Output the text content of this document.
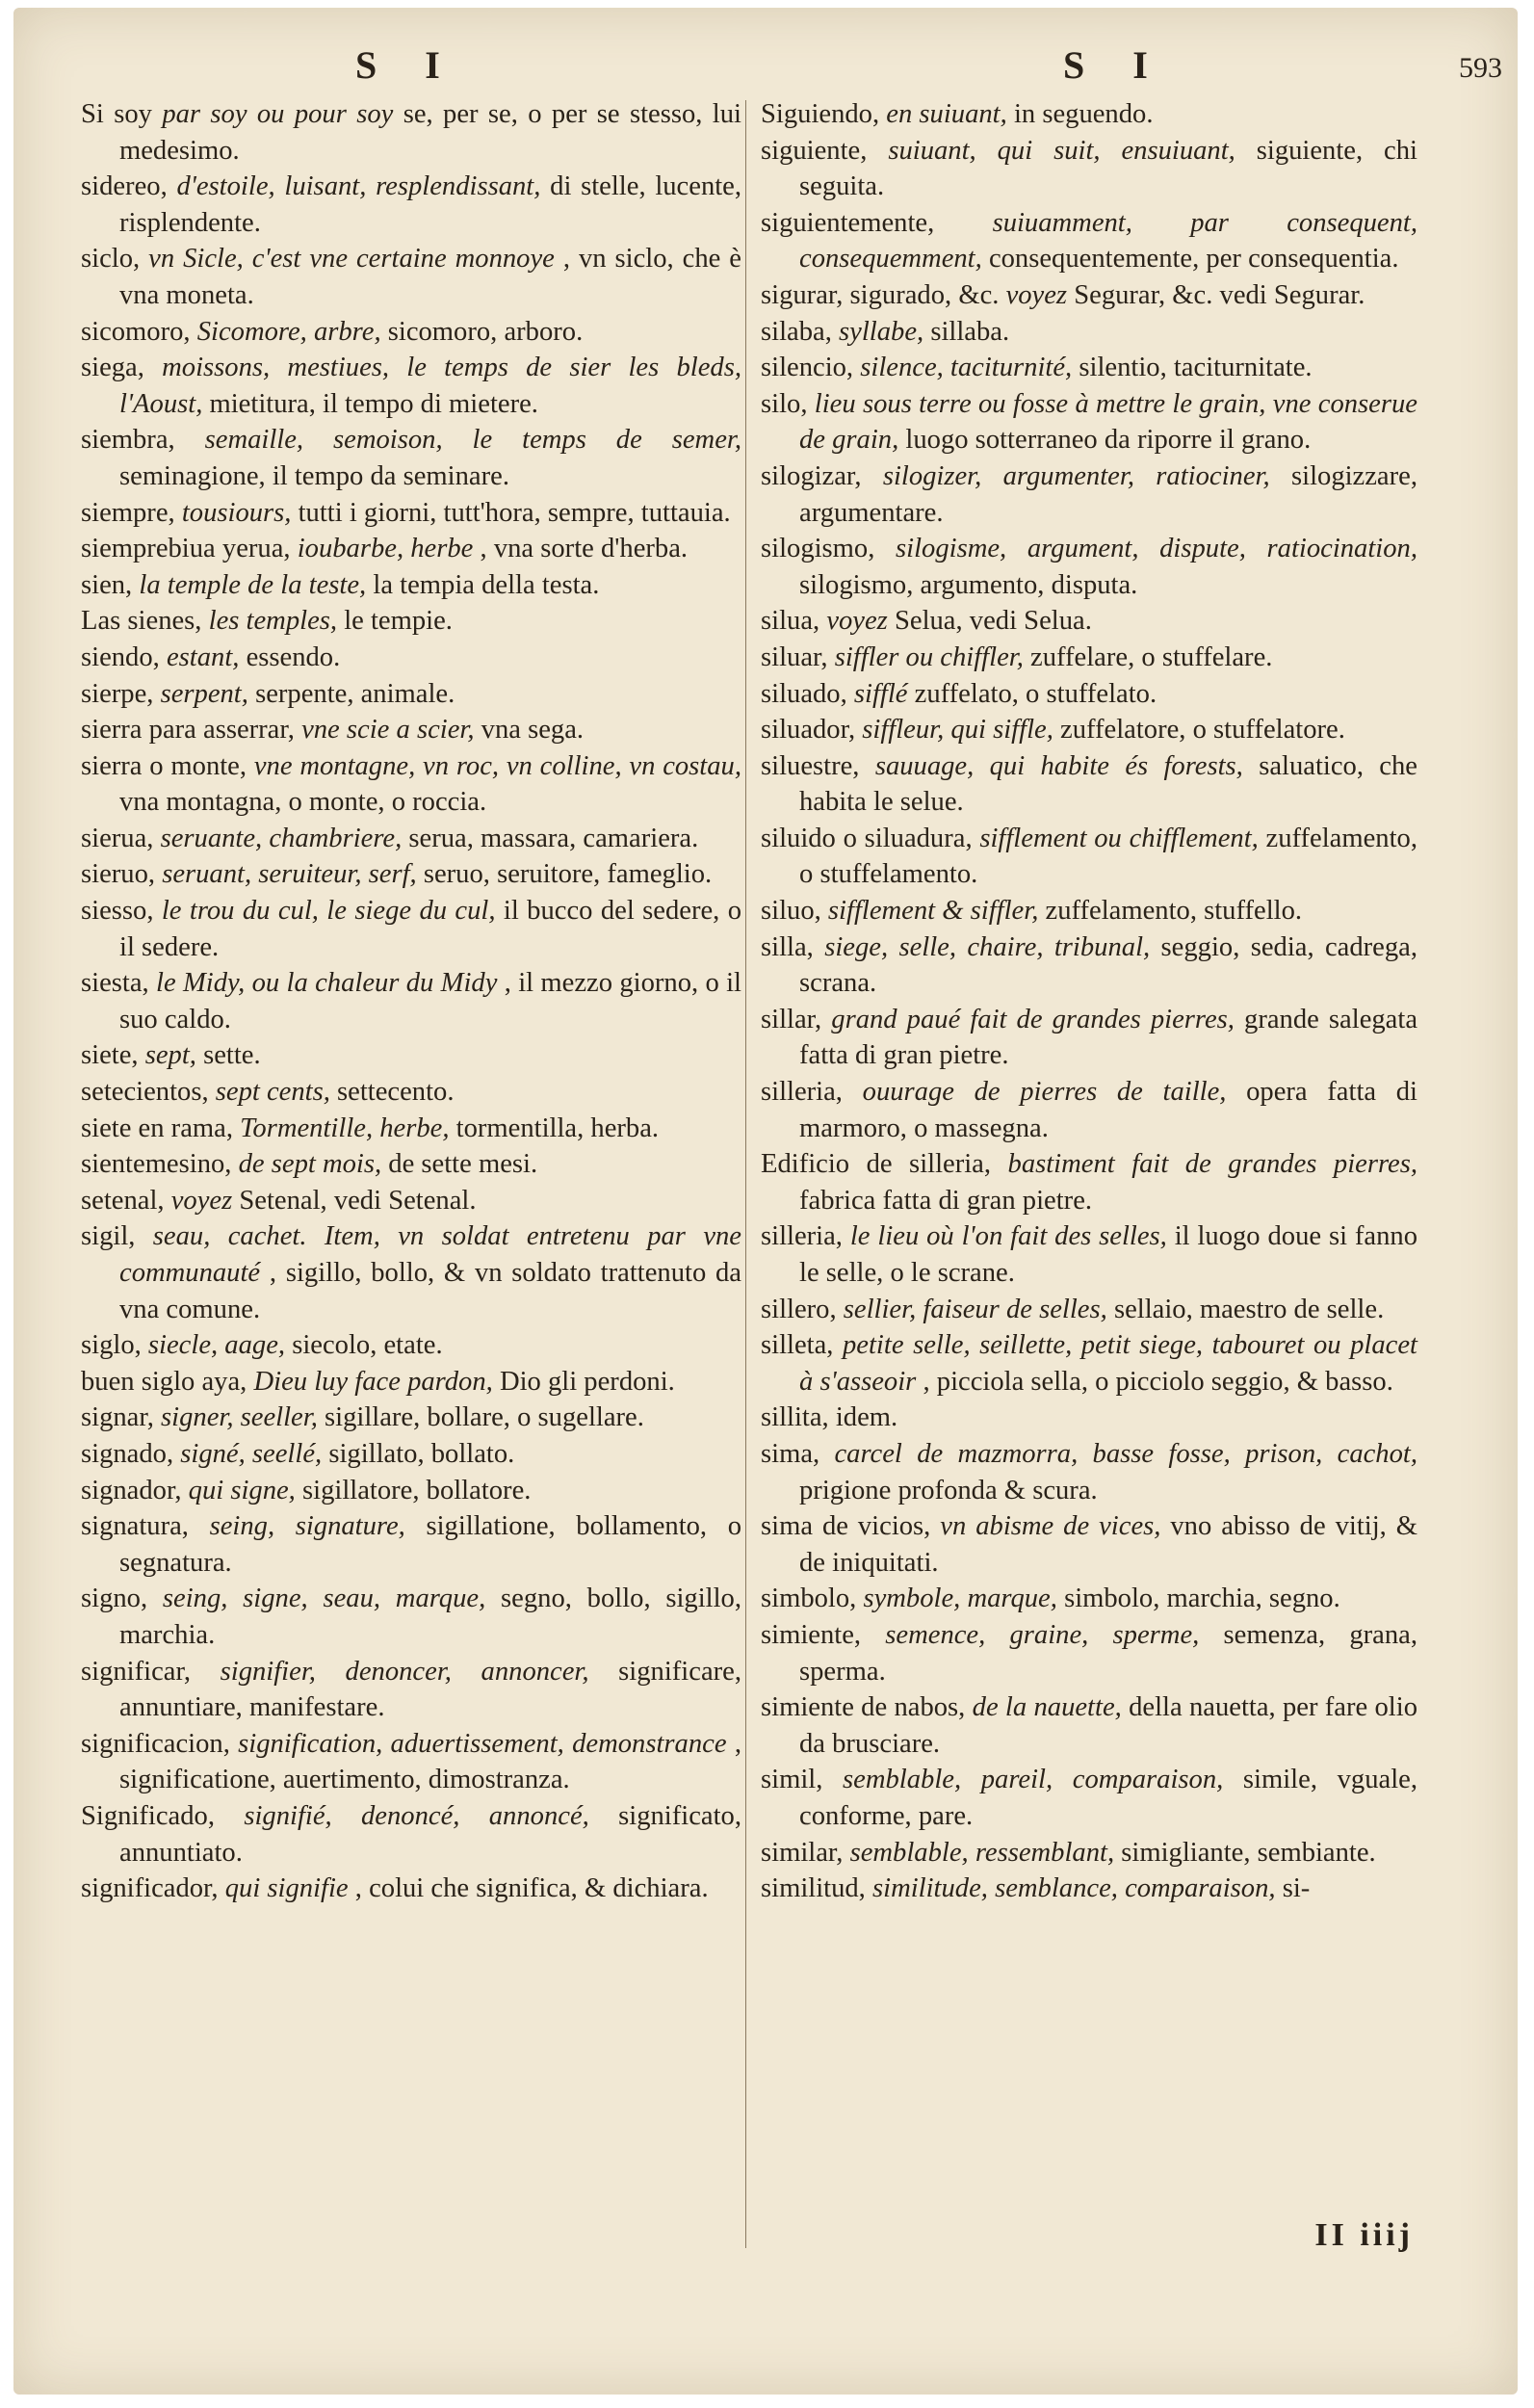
S I	S I	593

Si soy par soy ou pour soy se, per se, o per se stesso, lui medesimo.

sidereo, d'estoile, luisant, resplendissant, di stelle, lucente, risplendente.

siclo, vn Sicle, c'est vne certaine monnoye , vn siclo, che è vna moneta.

sicomoro, Sicomore, arbre, sicomoro, arboro.

siega, moissons, mestiues, le temps de sier les bleds, l'Aoust, mietitura, il tempo di mietere.

siembra, semaille, semoison, le temps de semer, seminagione, il tempo da seminare.

siempre, tousiours, tutti i giorni, tutt'hora, sempre, tuttauia.

siemprebiua yerua, ioubarbe, herbe , vna sorte d'herba.

sien, la temple de la teste, la tempia della testa.

Las sienes, les temples, le tempie.

siendo, estant, essendo.

sierpe, serpent, serpente, animale.

sierra para asserrar, vne scie a scier, vna sega.

sierra o monte, vne montagne, vn roc, vn colline, vn costau, vna montagna, o monte, o roccia.

sierua, seruante, chambriere, serua, massara, camariera.

sieruo, seruant, seruiteur, serf, seruo, seruitore, fameglio.

siesso, le trou du cul, le siege du cul, il bucco del sedere, o il sedere.

siesta, le Midy, ou la chaleur du Midy , il mezzo giorno, o il suo caldo.

siete, sept, sette.

setecientos, sept cents, settecento.

siete en rama, Tormentille, herbe, tormentilla, herba.

sientemesino, de sept mois, de sette mesi.

setenal, voyez Setenal, vedi Setenal.

sigil, seau, cachet. Item, vn soldat entretenu par vne communauté , sigillo, bollo, & vn soldato trattenuto da vna comune.

siglo, siecle, aage, siecolo, etate.

buen siglo aya, Dieu luy face pardon, Dio gli perdoni.

signar, signer, seeller, sigillare, bollare, o sugellare.

signado, signé, seellé, sigillato, bollato.

signador, qui signe, sigillatore, bollatore.

signatura, seing, signature, sigillatione, bollamento, o segnatura.

signo, seing, signe, seau, marque, segno, bollo, sigillo, marchia.

significar, signifier, denoncer, annoncer, significare, annuntiare, manifestare.

significacion, signification, aduertissement, demonstrance , significatione, auertimento, dimostranza.

Significado, signifié, denoncé, annoncé, significato, annuntiato.

significador, qui signifie , colui che significa, & dichiara.

Siguiendo, en suiuant, in seguendo.

siguiente, suiuant, qui suit, ensuiuant, siguiente, chi seguita.

siguientemente, suiuamment, par consequent, consequemment, consequentemente, per consequentia.

sigurar, sigurado, &c. voyez Segurar, &c. vedi Segurar.

silaba, syllabe, sillaba.

silencio, silence, taciturnité, silentio, taciturnitate.

silo, lieu sous terre ou fosse à mettre le grain, vne conserue de grain, luogo sotterraneo da riporre il grano.

silogizar, silogizer, argumenter, ratiociner, silogizzare, argumentare.

silogismo, silogisme, argument, dispute, ratiocination, silogismo, argumento, disputa.

silua, voyez Selua, vedi Selua.

siluar, siffler ou chiffler, zuffelare, o stuffelare.

siluado, sifflé zuffelato, o stuffelato.

siluador, siffleur, qui siffle, zuffelatore, o stuffelatore.

siluestre, sauuage, qui habite és forests, saluatico, che habita le selue.

siluido o siluadura, sifflement ou chifflement, zuffelamento, o stuffelamento.

siluo, sifflement & siffler, zuffelamento, stuffello.

silla, siege, selle, chaire, tribunal, seggio, sedia, cadrega, scrana.

sillar, grand paué fait de grandes pierres, grande salegata fatta di gran pietre.

silleria, ouurage de pierres de taille, opera fatta di marmoro, o massegna.

Edificio de silleria, bastiment fait de grandes pierres, fabrica fatta di gran pietre.

silleria, le lieu où l'on fait des selles, il luogo doue si fanno le selle, o le scrane.

sillero, sellier, faiseur de selles, sellaio, maestro de selle.

silleta, petite selle, seillette, petit siege, tabouret ou placet à s'asseoir , picciola sella, o picciolo seggio, & basso.

sillita, idem.

sima, carcel de mazmorra, basse fosse, prison, cachot, prigione profonda & scura.

sima de vicios, vn abisme de vices, vno abisso de vitij, & de iniquitati.

simbolo, symbole, marque, simbolo, marchia, segno.

simiente, semence, graine, sperme, semenza, grana, sperma.

simiente de nabos, de la nauette, della nauetta, per fare olio da brusciare.

simil, semblable, pareil, comparaison, simile, vguale, conforme, pare.

similar, semblable, ressemblant, simigliante, sembiante.

similitud, similitude, semblance, comparaison, si-

II iiij
